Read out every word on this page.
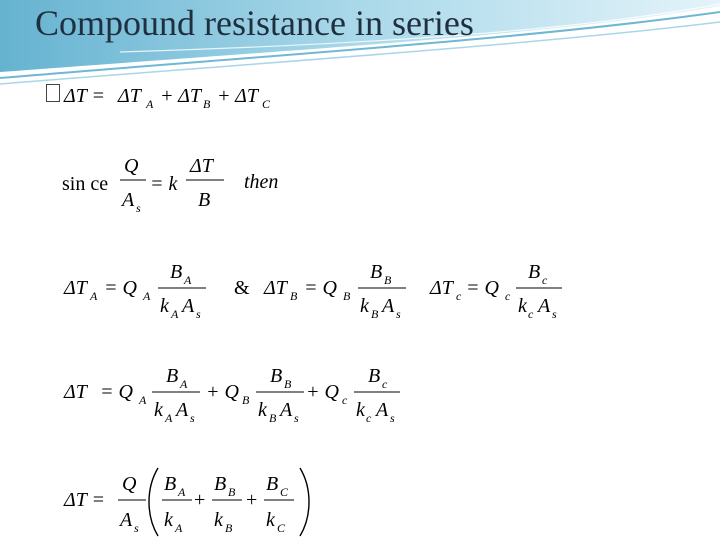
Compound resistance in series
ΔT = ΔT A + ΔT B + ΔT C
sin ce
Q
A s
= k
ΔT
B
then
ΔT A = Q A
B A
k A A s
& ΔT B = Q B
B B
k B A s
ΔT c = Q c
B c
k c A s
ΔT = Q A
B A
k A A s
+ Q B
B B
k B A s
+ Q c
B c
k c A s
ΔT =
Q
A s
B A
k A
+
B B
k B
+
B C
k C
